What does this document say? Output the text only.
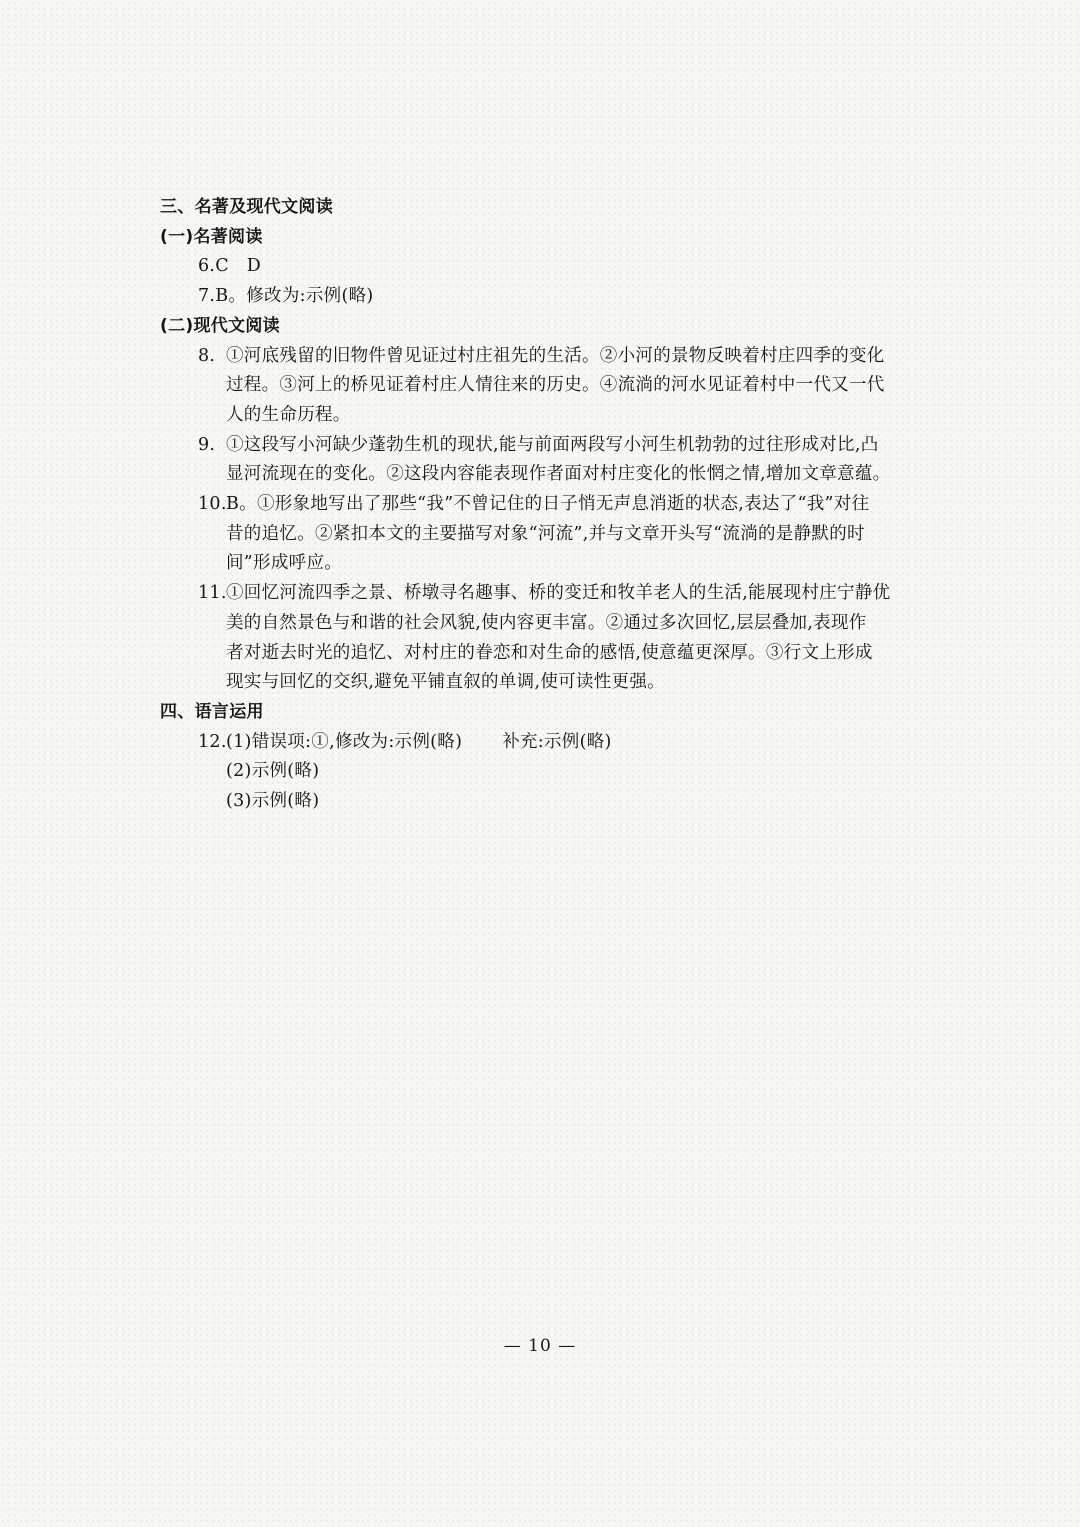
三、名著及现代文阅读
(一)名著阅读
6.C　D
7.B。修改为:示例(略)
(二)现代文阅读
8. ①河底残留的旧物件曾见证过村庄祖先的生活。②小河的景物反映着村庄四季的变化
过程。③河上的桥见证着村庄人情往来的历史。④流淌的河水见证着村中一代又一代
人的生命历程。
9. ①这段写小河缺少蓬勃生机的现状,能与前面两段写小河生机勃勃的过往形成对比,凸
显河流现在的变化。②这段内容能表现作者面对村庄变化的怅惘之情,增加文章意蕴。
10. B。①形象地写出了那些“我”不曾记住的日子悄无声息消逝的状态,表达了“我”对往
昔的追忆。②紧扣本文的主要描写对象“河流”,并与文章开头写“流淌的是静默的时
间”形成呼应。
11. ①回忆河流四季之景、桥墩寻名趣事、桥的变迁和牧羊老人的生活,能展现村庄宁静优
美的自然景色与和谐的社会风貌,使内容更丰富。②通过多次回忆,层层叠加,表现作
者对逝去时光的追忆、对村庄的眷恋和对生命的感悟,使意蕴更深厚。③行文上形成
现实与回忆的交织,避免平铺直叙的单调,使可读性更强。
四、语言运用
12. (1)错误项:①,修改为:示例(略) 补充:示例(略)
(2)示例(略)
(3)示例(略)
— 10 —
